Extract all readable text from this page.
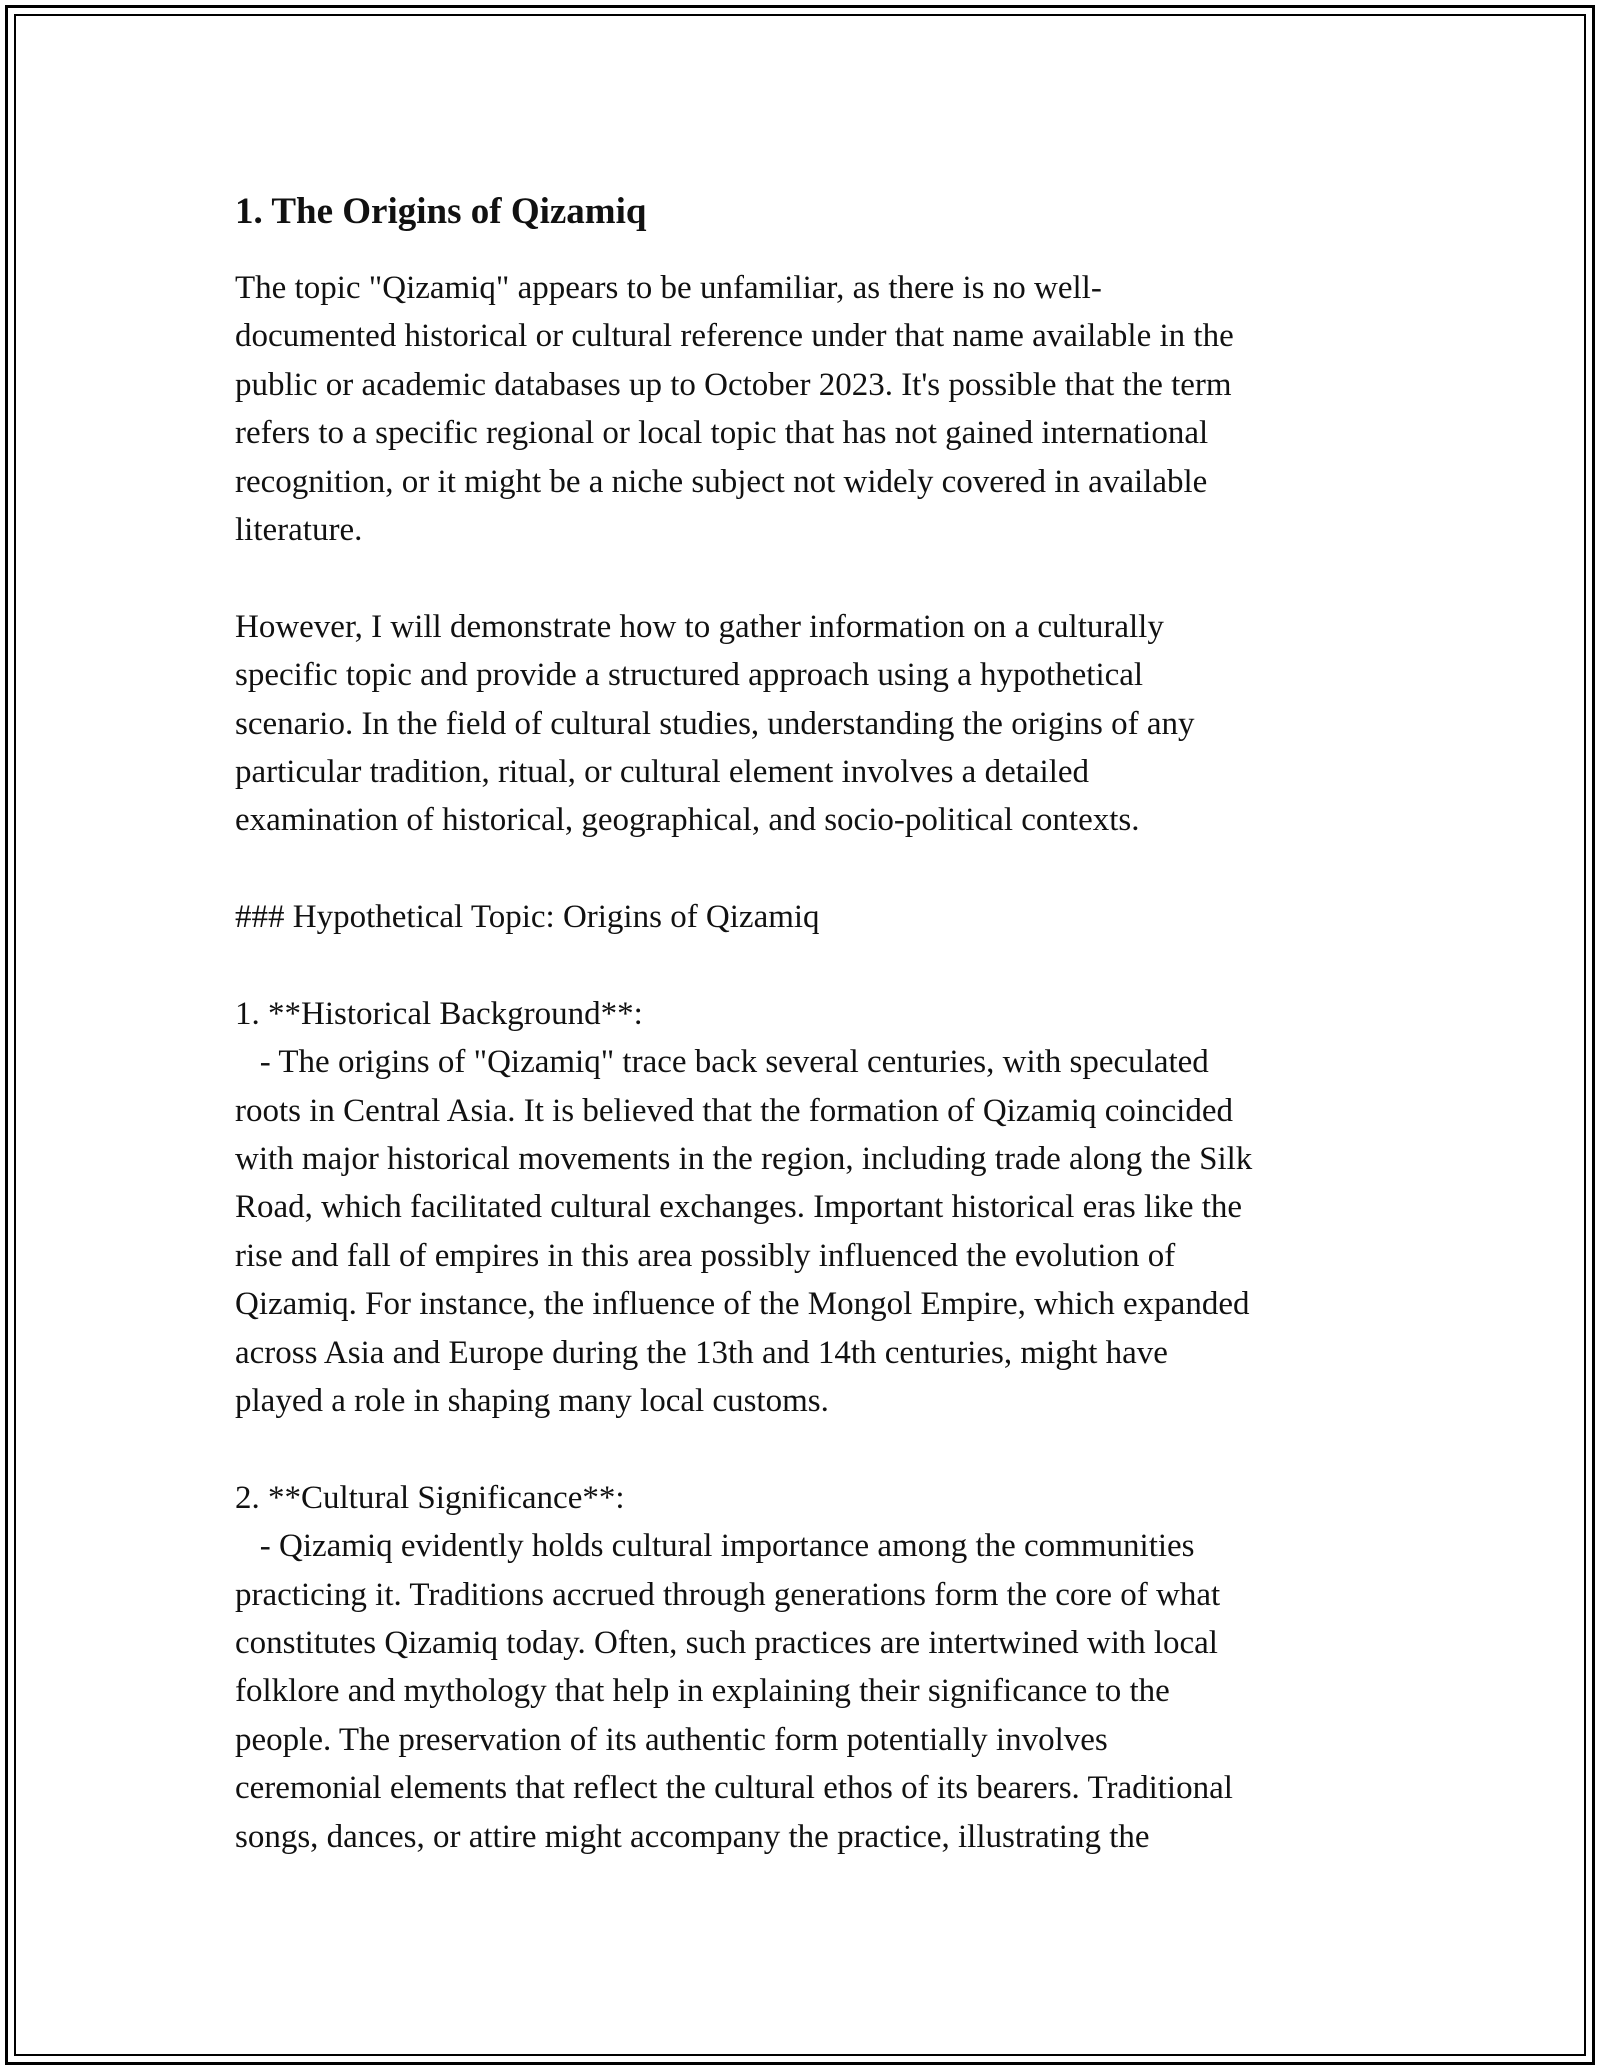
1. The Origins of Qizamiq
The topic "Qizamiq" appears to be unfamiliar, as there is no well-
documented historical or cultural reference under that name available in the
public or academic databases up to October 2023. It's possible that the term
refers to a specific regional or local topic that has not gained international
recognition, or it might be a niche subject not widely covered in available
literature.
However, I will demonstrate how to gather information on a culturally
specific topic and provide a structured approach using a hypothetical
scenario. In the field of cultural studies, understanding the origins of any
particular tradition, ritual, or cultural element involves a detailed
examination of historical, geographical, and socio-political contexts.
### Hypothetical Topic: Origins of Qizamiq
1. **Historical Background**:
- The origins of "Qizamiq" trace back several centuries, with speculated
roots in Central Asia. It is believed that the formation of Qizamiq coincided
with major historical movements in the region, including trade along the Silk
Road, which facilitated cultural exchanges. Important historical eras like the
rise and fall of empires in this area possibly influenced the evolution of
Qizamiq. For instance, the influence of the Mongol Empire, which expanded
across Asia and Europe during the 13th and 14th centuries, might have
played a role in shaping many local customs.
2. **Cultural Significance**:
- Qizamiq evidently holds cultural importance among the communities
practicing it. Traditions accrued through generations form the core of what
constitutes Qizamiq today. Often, such practices are intertwined with local
folklore and mythology that help in explaining their significance to the
people. The preservation of its authentic form potentially involves
ceremonial elements that reflect the cultural ethos of its bearers. Traditional
songs, dances, or attire might accompany the practice, illustrating the
